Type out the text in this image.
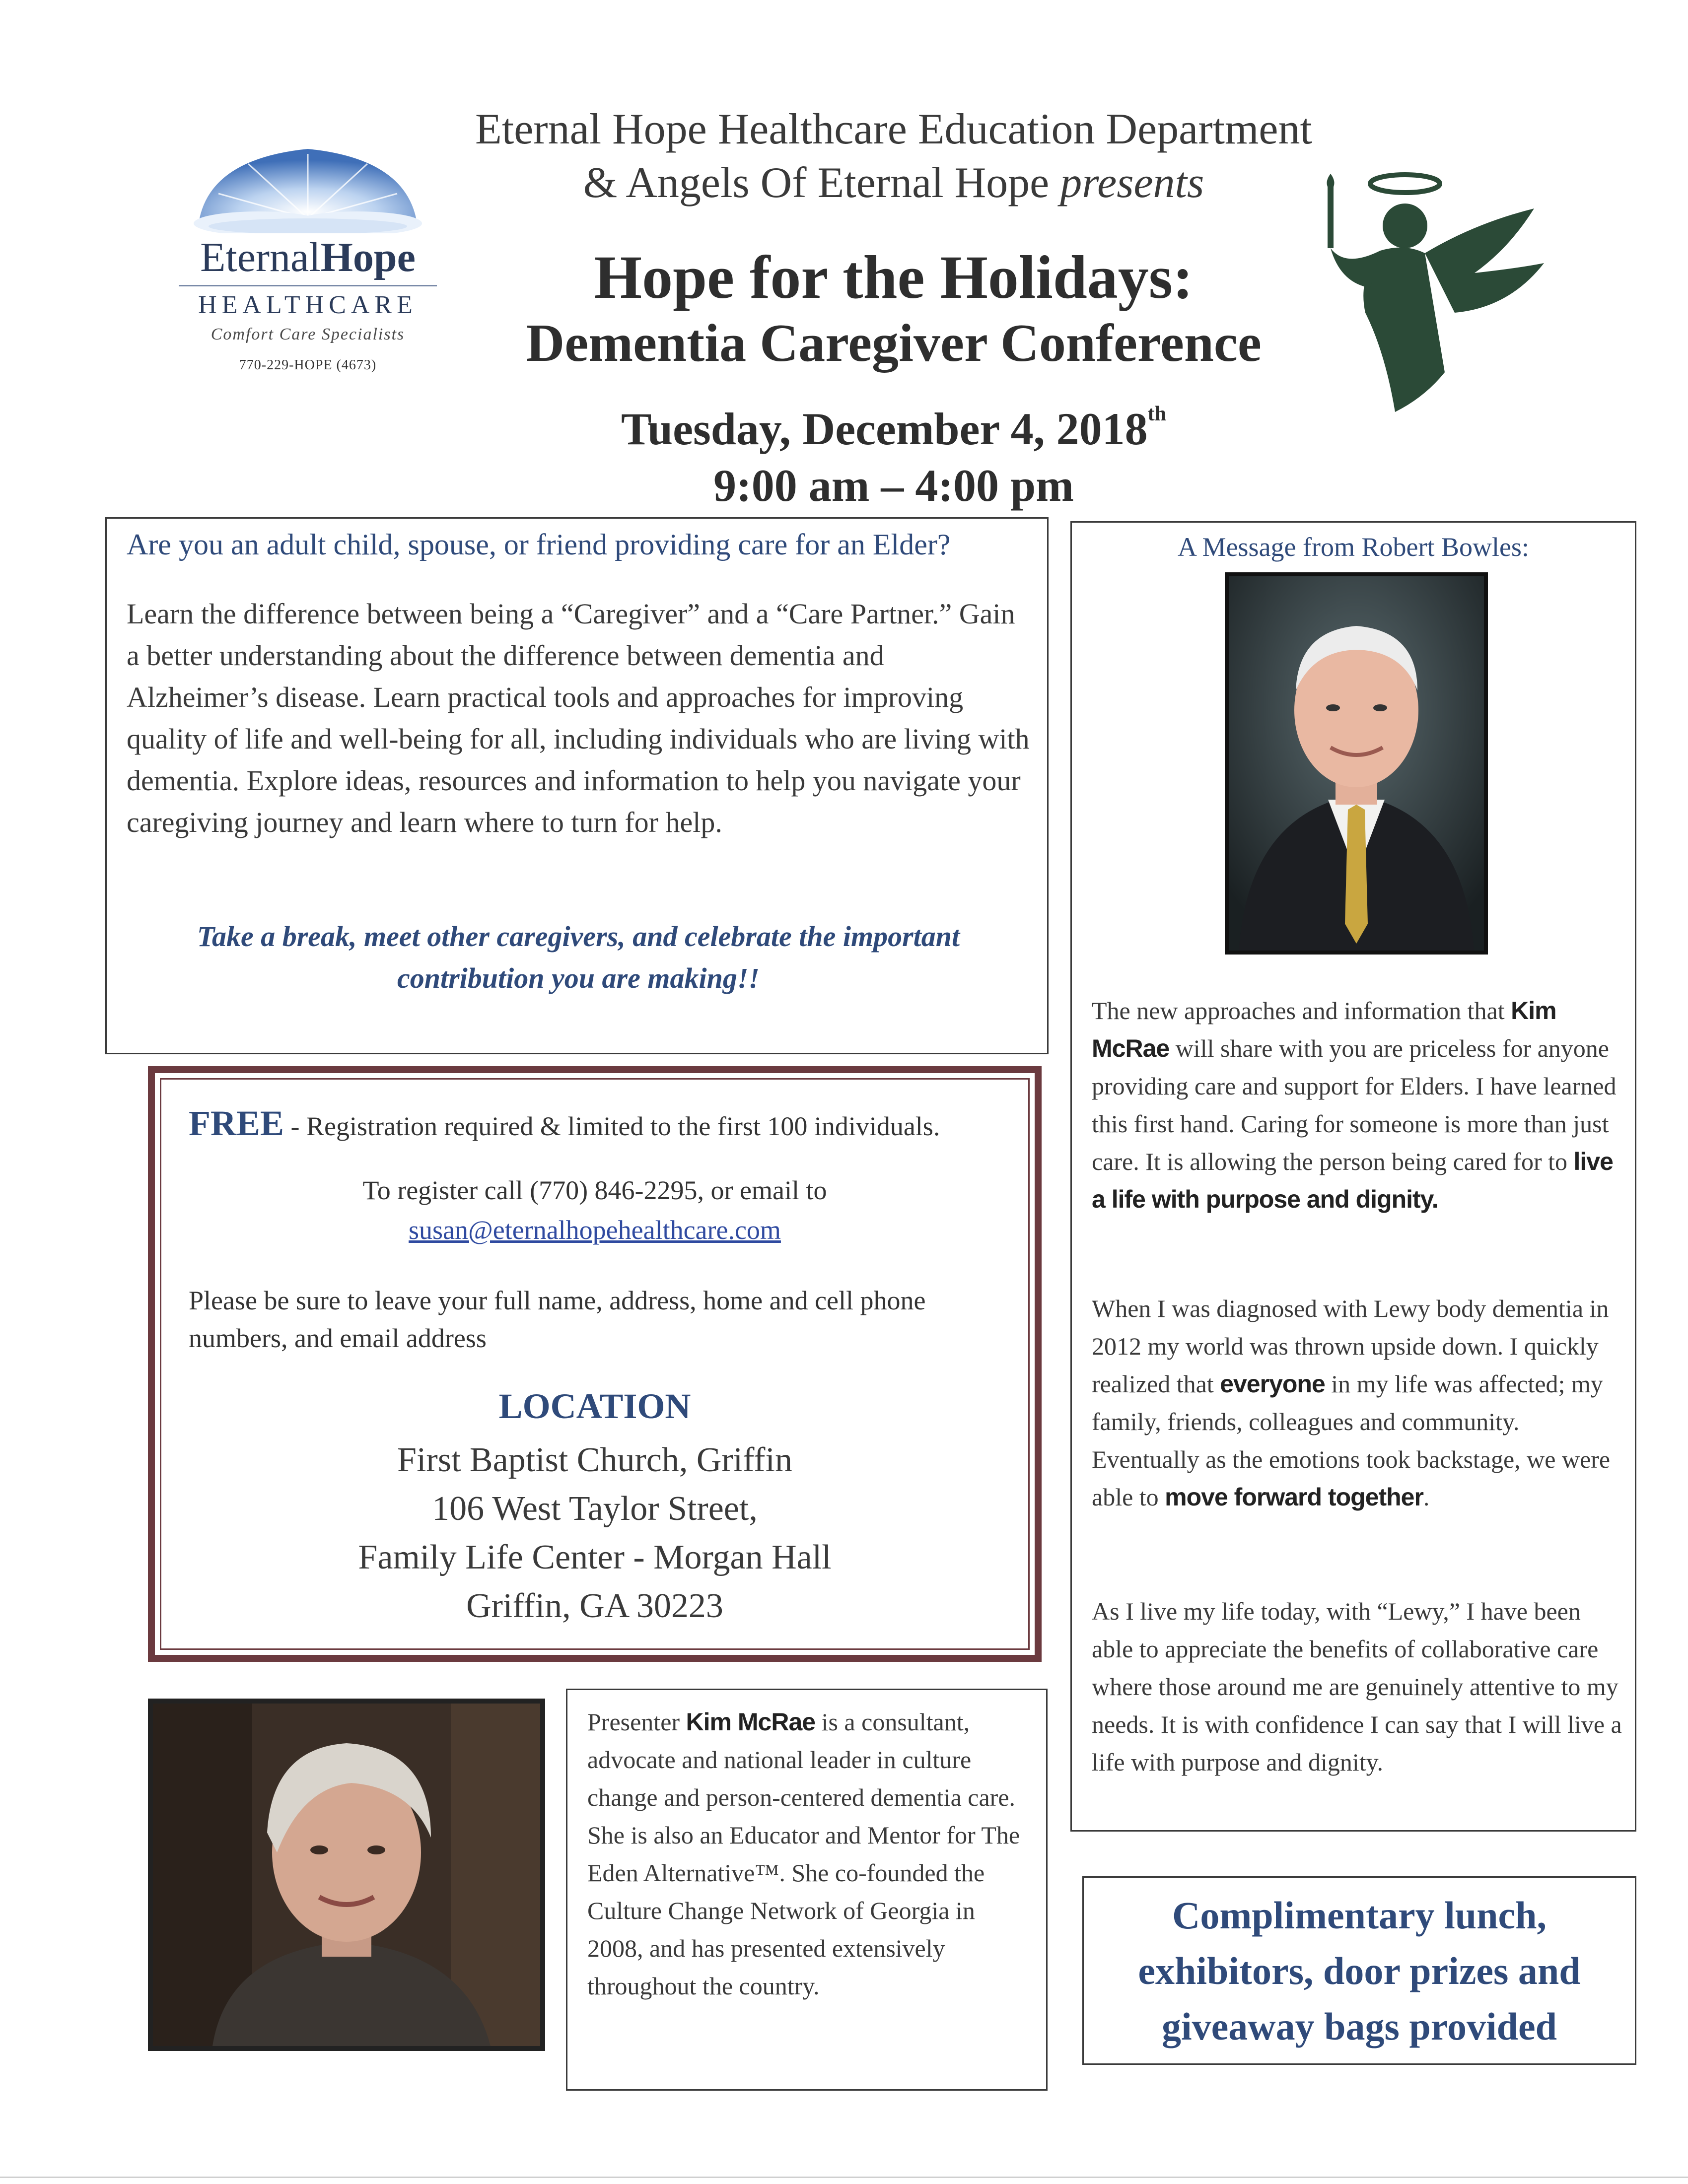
EternalHope
HEALTHCARE
Comfort Care Specialists
770-229-HOPE (4673)
Eternal Hope Healthcare Education Department
& Angels Of Eternal Hope presents
Hope for the Holidays:
Dementia Caregiver Conference
Tuesday, December 4, 2018th
9:00 am – 4:00 pm
Are you an adult child, spouse, or friend providing care for an Elder?
Learn the difference between being a “Caregiver” and a “Care Partner.” Gain a better understanding about the difference between dementia and Alzheimer’s disease. Learn practical tools and approaches for improving quality of life and well-being for all, including individuals who are living with dementia. Explore ideas, resources and information to help you navigate your caregiving journey and learn where to turn for help.
Take a break, meet other caregivers, and celebrate the important contribution you are making!!
FREE - Registration required & limited to the first 100 individuals.
To register call (770) 846-2295, or email to
susan@eternalhopehealthcare.com
Please be sure to leave your full name, address, home and cell phone numbers, and email address
LOCATION
First Baptist Church, Griffin
106 West Taylor Street,
Family Life Center - Morgan Hall
Griffin, GA 30223
Presenter Kim McRae is a consultant, advocate and national leader in culture change and person-centered dementia care. She is also an Educator and Mentor for The Eden Alternative™. She co-founded the Culture Change Network of Georgia in 2008, and has presented extensively throughout the country.
A Message from Robert Bowles:
The new approaches and information that Kim McRae will share with you are priceless for anyone providing care and support for Elders. I have learned this first hand. Caring for someone is more than just care. It is allowing the person being cared for to live a life with purpose and dignity.
When I was diagnosed with Lewy body dementia in 2012 my world was thrown upside down. I quickly realized that everyone in my life was affected; my family, friends, colleagues and community. Eventually as the emotions took backstage, we were able to move forward together.
As I live my life today, with “Lewy,” I have been able to appreciate the benefits of collaborative care where those around me are genuinely attentive to my needs. It is with confidence I can say that I will live a life with purpose and dignity.
Complimentary lunch, exhibitors, door prizes and giveaway bags provided
